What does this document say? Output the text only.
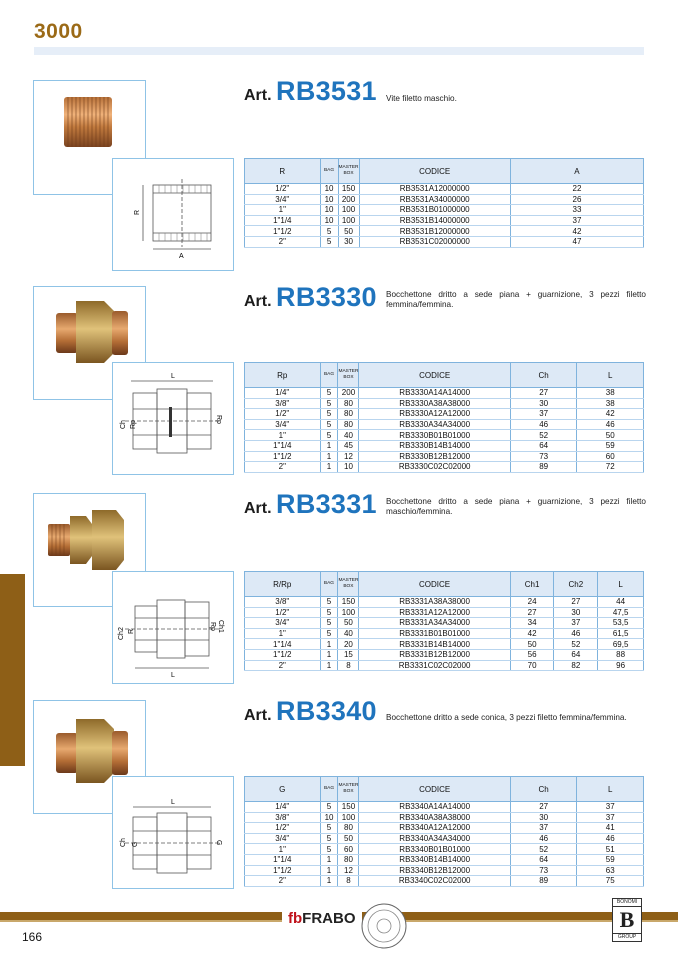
3000
R
A
Art. RB3531 Vite filetto maschio.
R	BAG	MASTER BOX	CODICE	A
1/2"	10	150	RB3531A12000000	22
3/4"	10	200	RB3531A34000000	26
1"	10	100	RB3531B01000000	33
1"1/4	10	100	RB3531B14000000	37
1"1/2	5	50	RB3531B12000000	42
2"	5	30	RB3531C02000000	47
L
Ch Rp
Rp
Art. RB3330 Bocchettone dritto a sede piana + guarnizione, 3 pezzi filetto femmina/femmina.
Rp	BAG	MASTER BOX	CODICE	Ch	L
1/4"	5	200	RB3330A14A14000	27	38
3/8"	5	80	RB3330A38A38000	30	38
1/2"	5	80	RB3330A12A12000	37	42
3/4"	5	80	RB3330A34A34000	46	46
1"	5	40	RB3330B01B01000	52	50
1"1/4	1	45	RB3330B14B14000	64	59
1"1/2	1	12	RB3330B12B12000	73	60
2"	1	10	RB3330C02C02000	89	72
Ch2 R
Rp Ch1
L
Art. RB3331 Bocchettone dritto a sede piana + guarnizione, 3 pezzi filetto maschio/femmina.
R/Rp	BAG	MASTER BOX	CODICE	Ch1	Ch2	L
3/8"	5	150	RB3331A38A38000	24	27	44
1/2"	5	100	RB3331A12A12000	27	30	47,5
3/4"	5	50	RB3331A34A34000	34	37	53,5
1"	5	40	RB3331B01B01000	42	46	61,5
1"1/4	1	20	RB3331B14B14000	50	52	69,5
1"1/2	1	15	RB3331B12B12000	56	64	88
2"	1	8	RB3331C02C02000	70	82	96
L
Ch G	G
Art. RB3340 Bocchettone dritto a sede conica, 3 pezzi filetto femmina/femmina.
G	BAG	MASTER BOX	CODICE	Ch	L
1/4"	5	150	RB3340A14A14000	27	37
3/8"	10	100	RB3340A38A38000	30	37
1/2"	5	80	RB3340A12A12000	37	41
3/4"	5	50	RB3340A34A34000	46	46
1"	5	60	RB3340B01B01000	52	51
1"1/4	1	80	RB3340B14B14000	64	59
1"1/2	1	12	RB3340B12B12000	73	63
2"	1	8	RB3340C02C02000	89	75
166
fbFRABO
BONOMI
B
GROUP
